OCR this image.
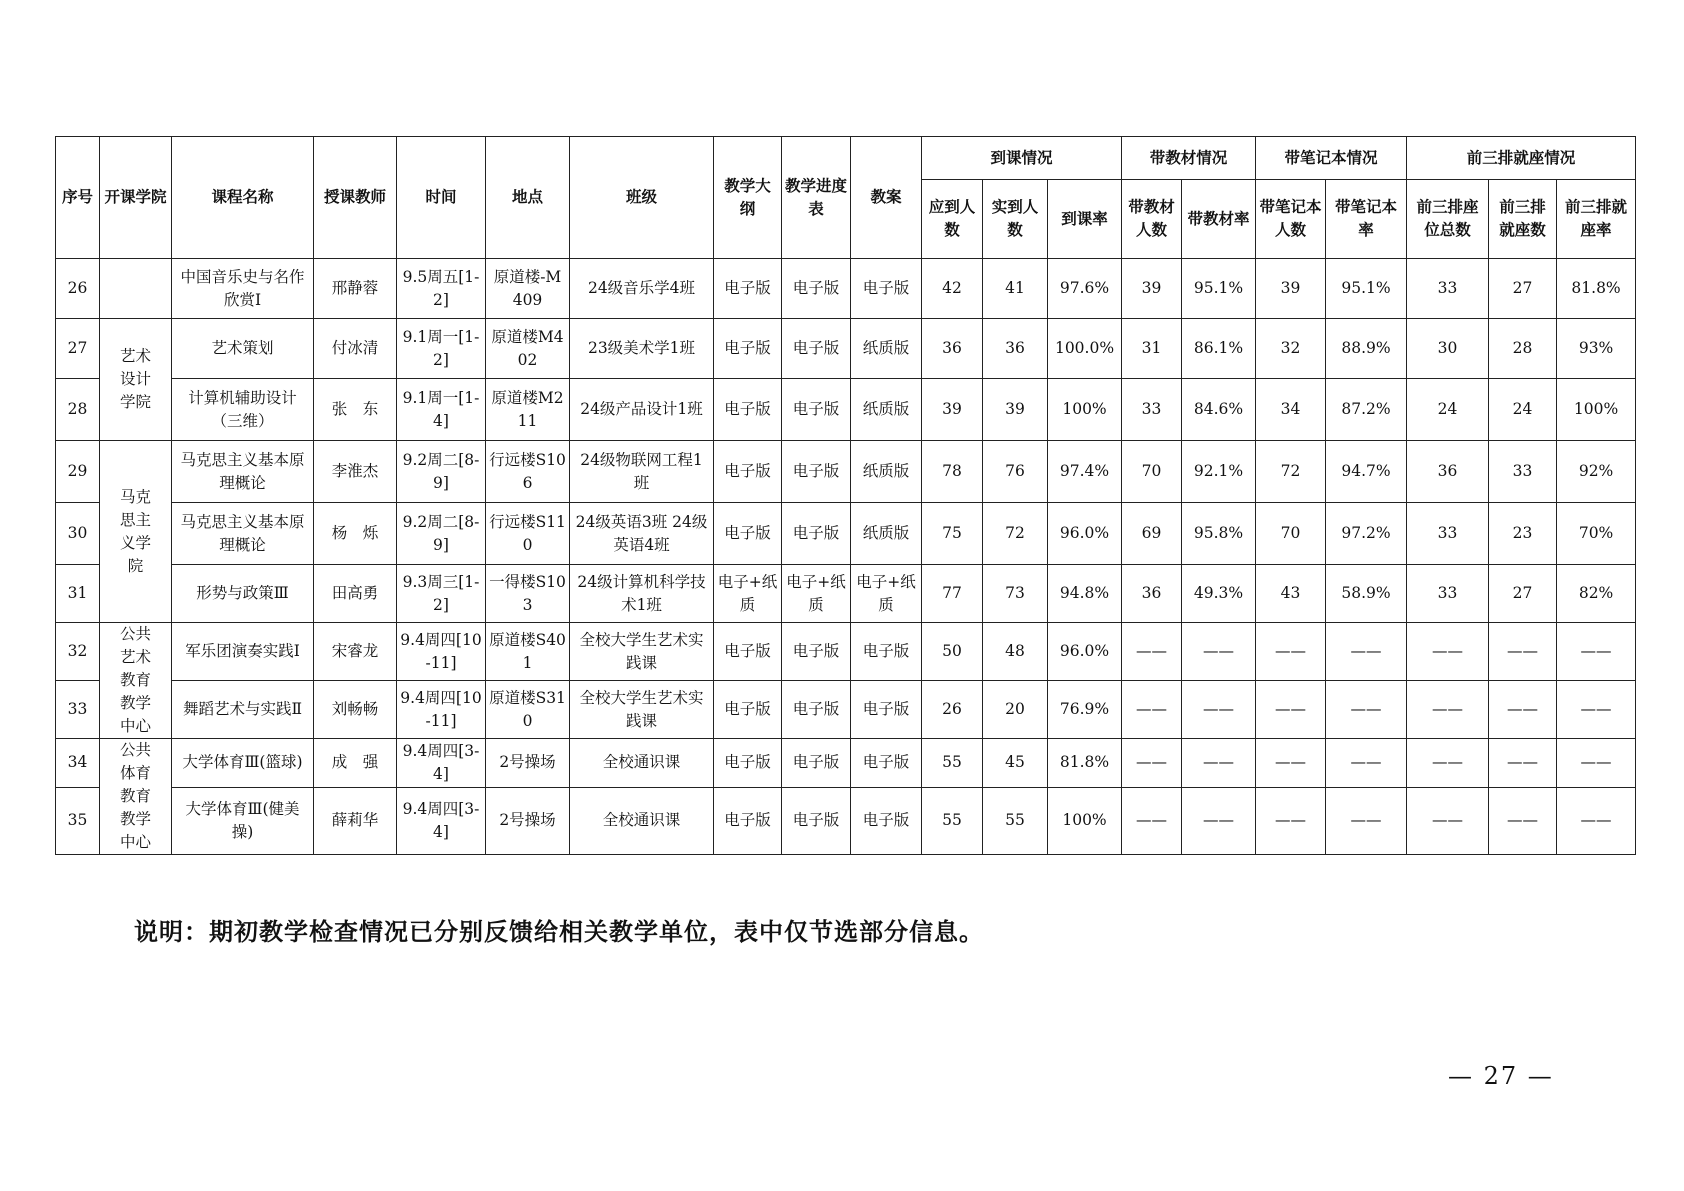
序号	开课学院	课程名称	授课教师	时间	地点	班级	教学大纲	教学进度表	教案	到课情况			带教材情况		带笔记本情况		前三排就座情况		
										应到人数	实到人数	到课率	带教材人数	带教材率	带笔记本人数	带笔记本率	前三排座位总数	前三排就座数	前三排就座率
26		中国音乐史与名作欣赏Ⅰ	邢静蓉	9.5周五[1-2]	原道楼-M409	24级音乐学4班	电子版	电子版	电子版	42	41	97.6%	39	95.1%	39	95.1%	33	27	81.8%
27	艺术设计学院	艺术策划	付冰清	9.1周一[1-2]	原道楼M402	23级美术学1班	电子版	电子版	纸质版	36	36	100.0%	31	86.1%	32	88.9%	30	28	93%
28		计算机辅助设计（三维）	张　东	9.1周一[1-4]	原道楼M211	24级产品设计1班	电子版	电子版	纸质版	39	39	100%	33	84.6%	34	87.2%	24	24	100%
29	马克思主义学院	马克思主义基本原理概论	李淮杰	9.2周二[8-9]	行远楼S106	24级物联网工程1班	电子版	电子版	纸质版	78	76	97.4%	70	92.1%	72	94.7%	36	33	92%
30		马克思主义基本原理概论	杨　烁	9.2周二[8-9]	行远楼S110	24级英语3班 24级英语4班	电子版	电子版	纸质版	75	72	96.0%	69	95.8%	70	97.2%	33	23	70%
31		形势与政策Ⅲ	田高勇	9.3周三[1-2]	一得楼S103	24级计算机科学技术1班	电子+纸质	电子+纸质	电子+纸质	77	73	94.8%	36	49.3%	43	58.9%	33	27	82%
32	公共艺术教育教学中心	军乐团演奏实践Ⅰ	宋睿龙	9.4周四[10-11]	原道楼S401	全校大学生艺术实践课	电子版	电子版	电子版	50	48	96.0%	——	——	——	——	——	——	——
33		舞蹈艺术与实践Ⅱ	刘畅畅	9.4周四[10-11]	原道楼S310	全校大学生艺术实践课	电子版	电子版	电子版	26	20	76.9%	——	——	——	——	——	——	——
34	公共体育教育教学中心	大学体育Ⅲ(篮球)	成　强	9.4周四[3-4]	2号操场	全校通识课	电子版	电子版	电子版	55	45	81.8%	——	——	——	——	——	——	——
35		大学体育Ⅲ(健美操)	薛莉华	9.4周四[3-4]	2号操场	全校通识课	电子版	电子版	电子版	55	55	100%	——	——	——	——	——	——	——
说明：期初教学检查情况已分别反馈给相关教学单位，表中仅节选部分信息。
— 27 —
